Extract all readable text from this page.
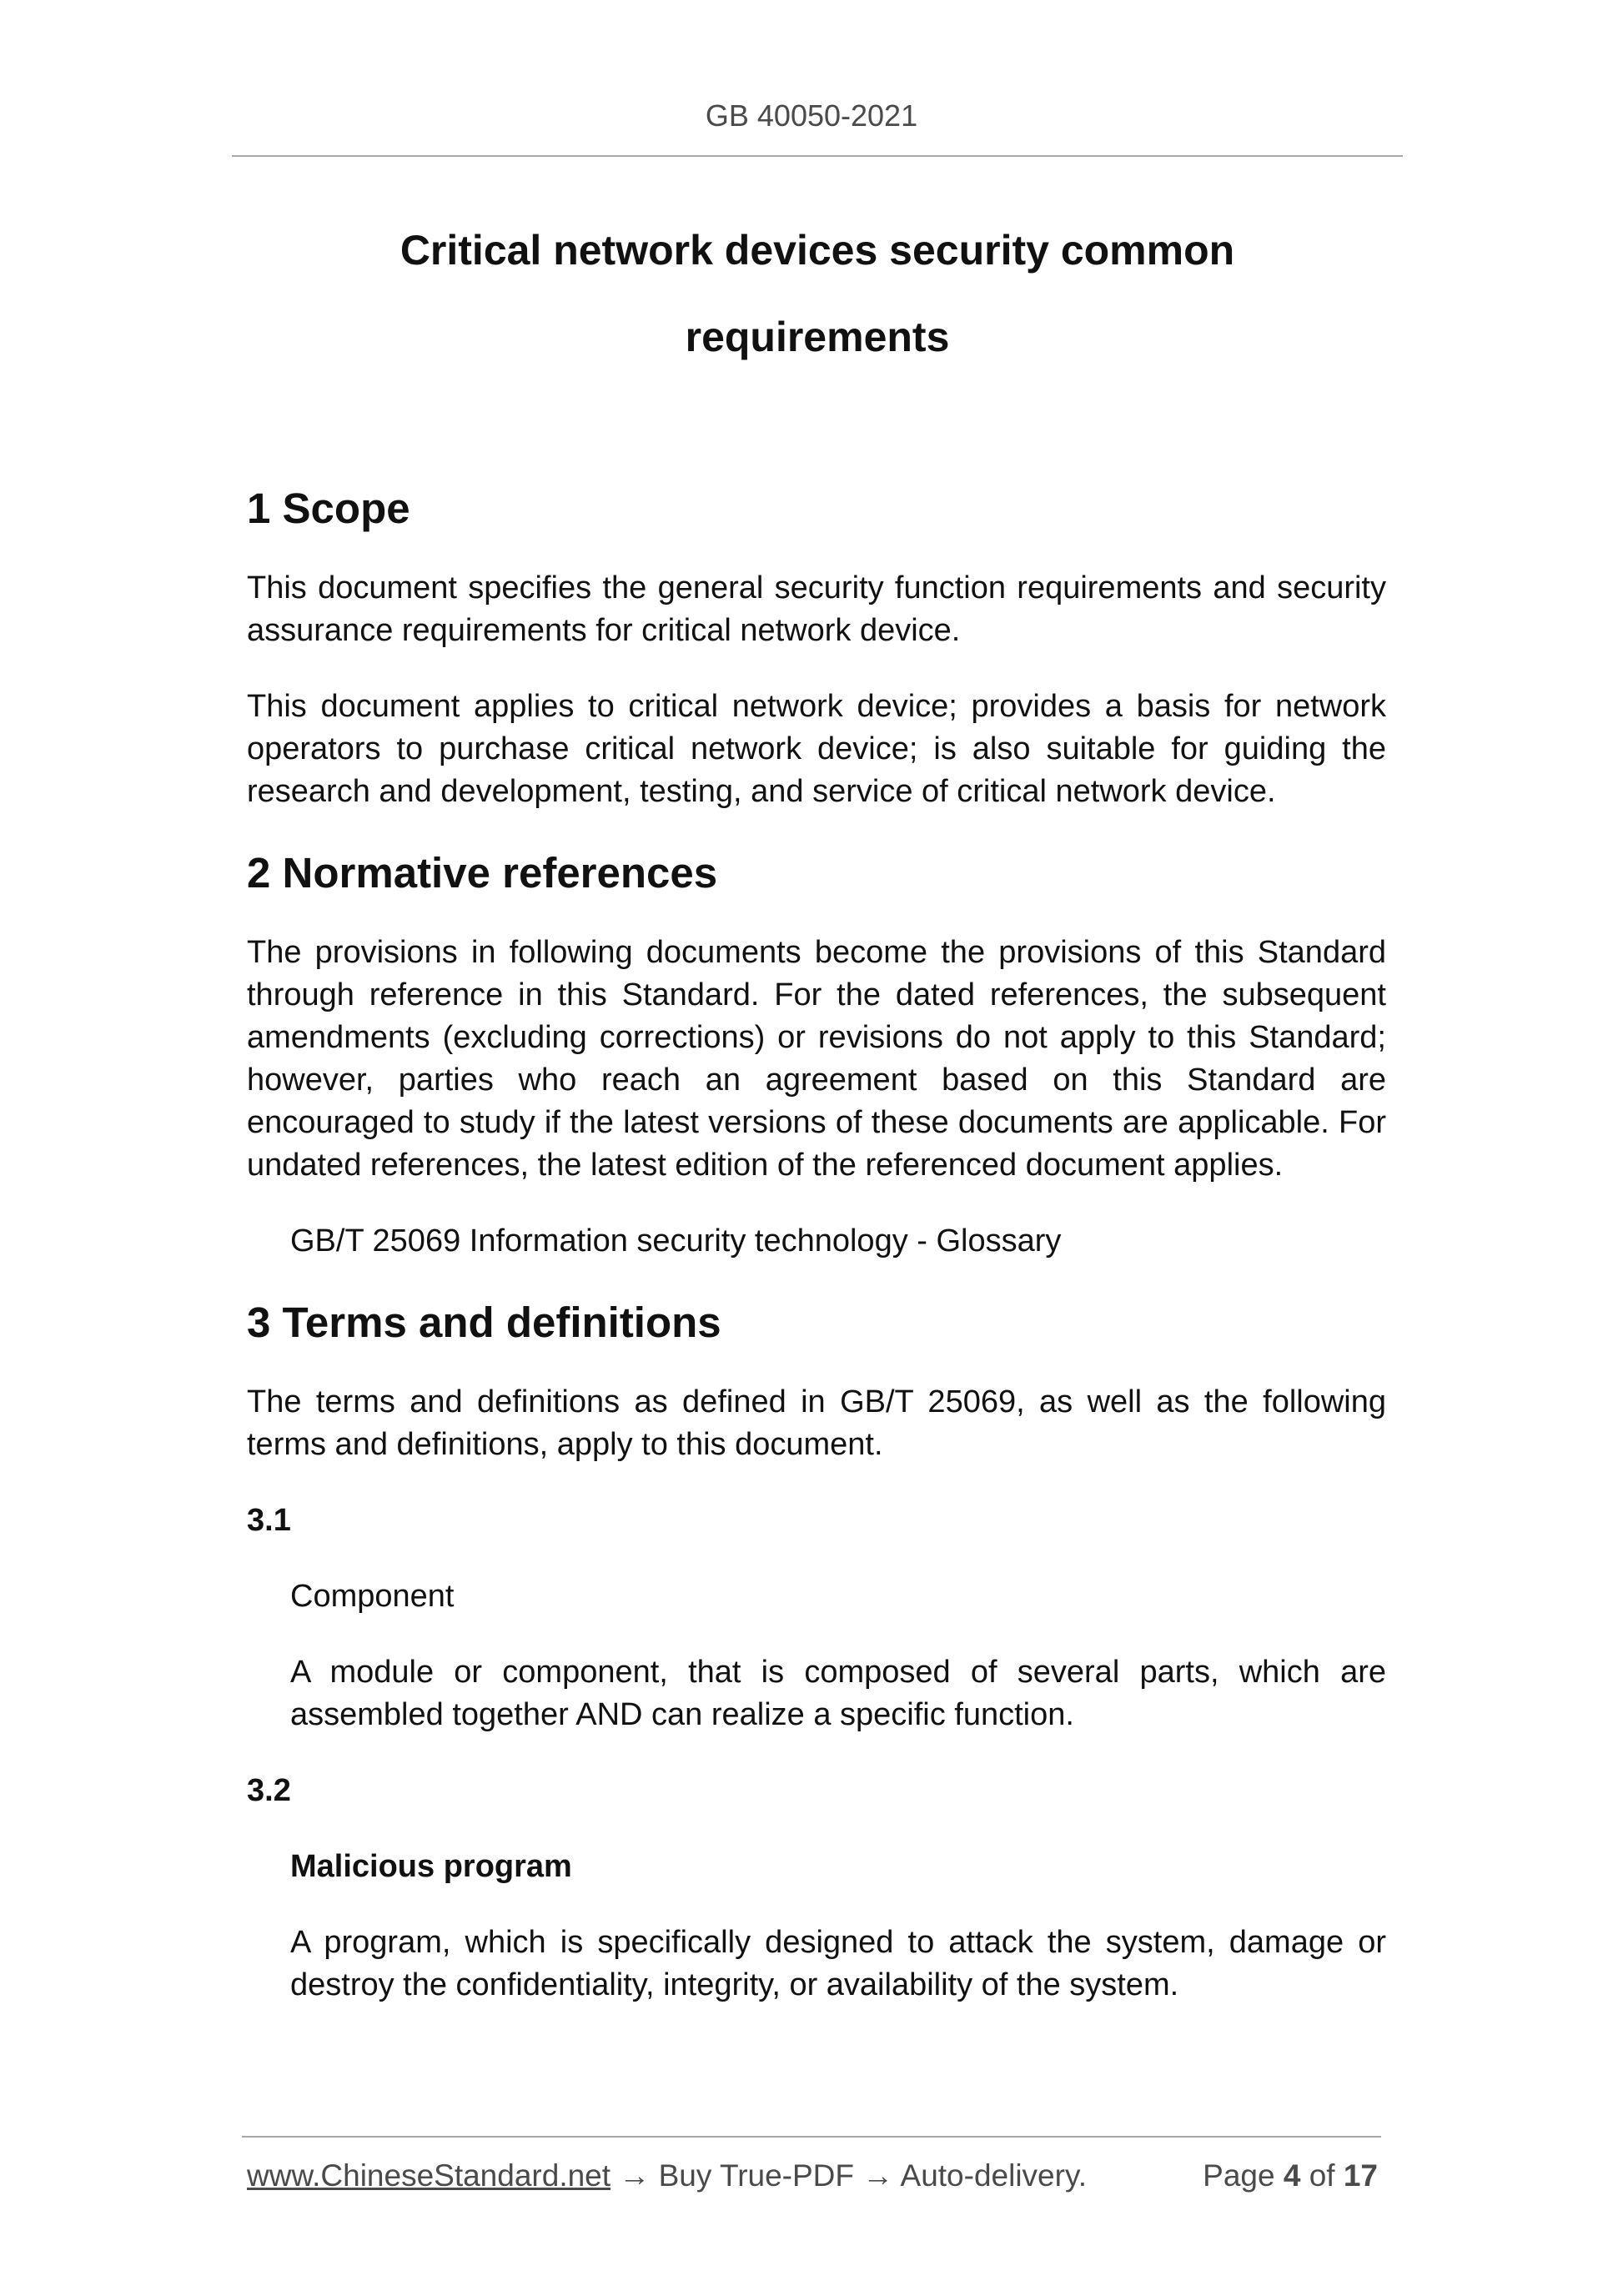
GB 40050-2021
Critical network devices security common
requirements
1 Scope
This document specifies the general security function requirements and security assurance requirements for critical network device.
This document applies to critical network device; provides a basis for network operators to purchase critical network device; is also suitable for guiding the research and development, testing, and service of critical network device.
2 Normative references
The provisions in following documents become the provisions of this Standard through reference in this Standard. For the dated references, the subsequent amendments (excluding corrections) or revisions do not apply to this Standard; however, parties who reach an agreement based on this Standard are encouraged to study if the latest versions of these documents are applicable. For undated references, the latest edition of the referenced document applies.
GB/T 25069 Information security technology - Glossary
3 Terms and definitions
The terms and definitions as defined in GB/T 25069, as well as the following terms and definitions, apply to this document.
3.1
Component
A module or component, that is composed of several parts, which are assembled together AND can realize a specific function.
3.2
Malicious program
A program, which is specifically designed to attack the system, damage or destroy the confidentiality, integrity, or availability of the system.
www.ChineseStandard.net → Buy True-PDF → Auto-delivery.	Page 4 of 17
